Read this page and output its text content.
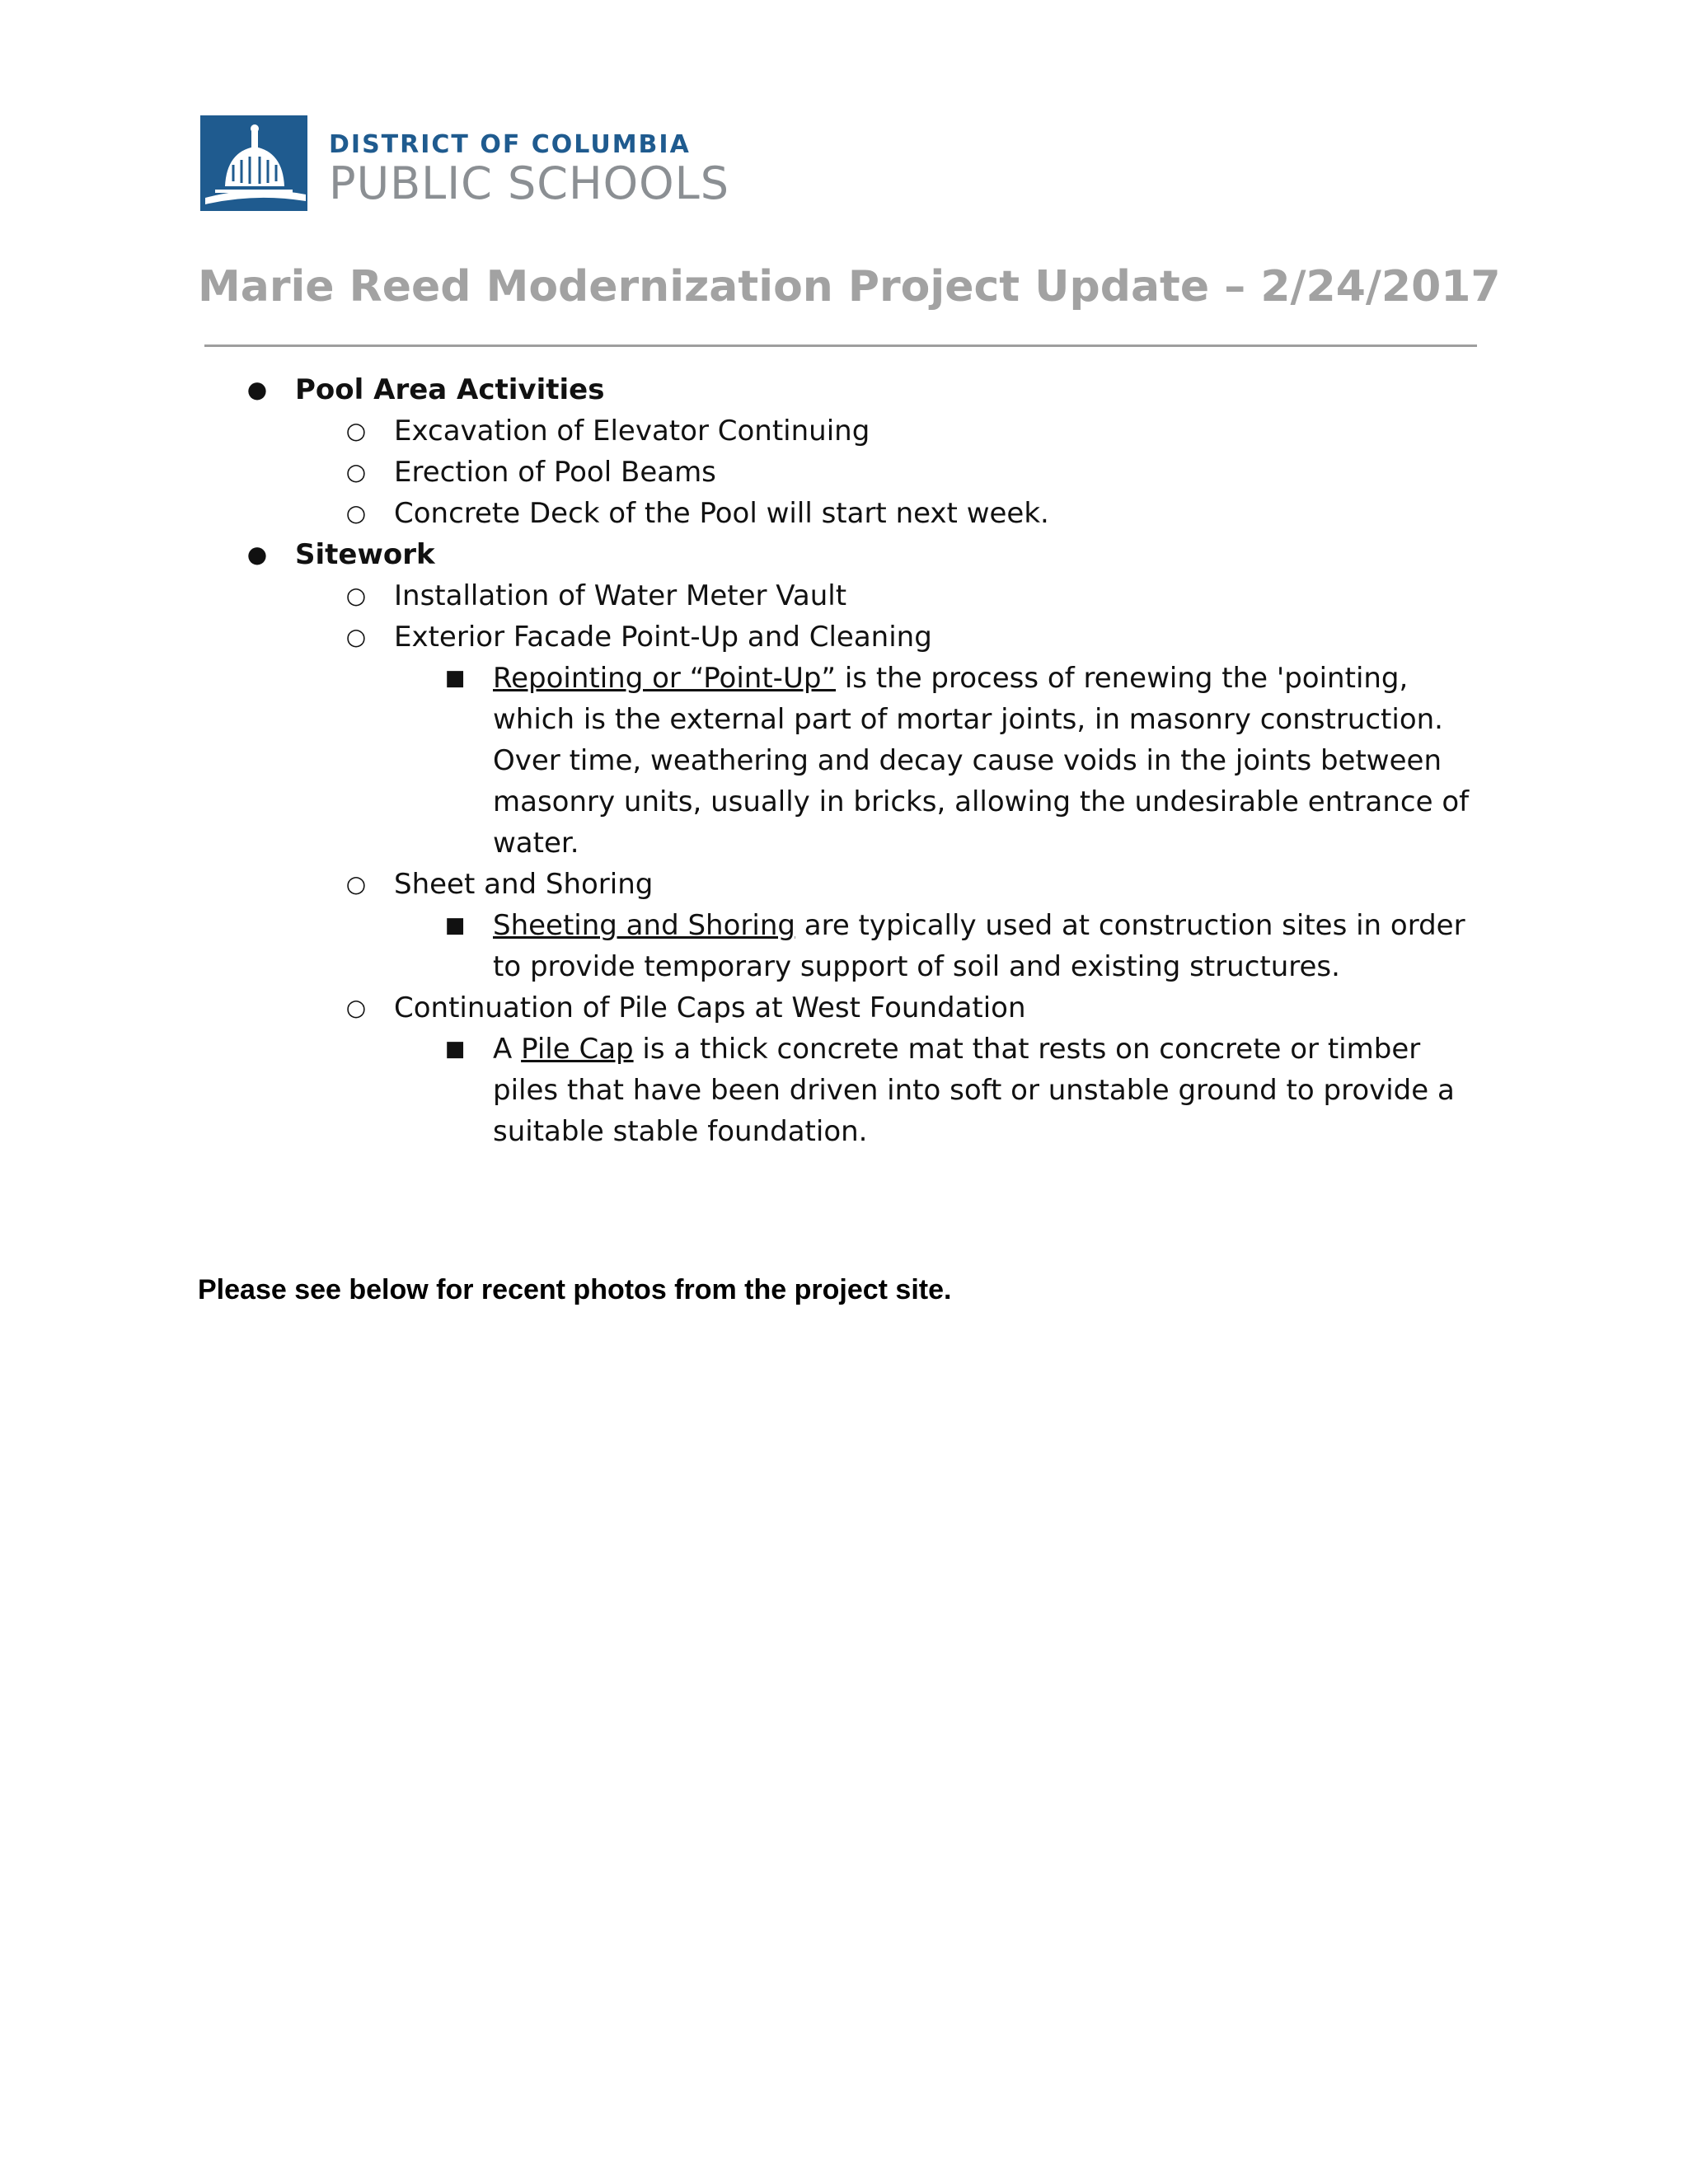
DISTRICT OF COLUMBIA
PUBLIC SCHOOLS
Marie Reed Modernization Project Update – 2/24/2017
● Pool Area Activities
○ Excavation of Elevator Continuing
○ Erection of Pool Beams
○ Concrete Deck of the Pool will start next week.
● Sitework
○ Installation of Water Meter Vault
○ Exterior Facade Point-Up and Cleaning
■ Repointing or “Point-Up” is the process of renewing the 'pointing, which is the external part of mortar joints, in masonry construction. Over time, weathering and decay cause voids in the joints between masonry units, usually in bricks, allowing the undesirable entrance of water.
○ Sheet and Shoring
■ Sheeting and Shoring are typically used at construction sites in order to provide temporary support of soil and existing structures.
○ Continuation of Pile Caps at West Foundation
■ A Pile Cap is a thick concrete mat that rests on concrete or timber piles that have been driven into soft or unstable ground to provide a suitable stable foundation.
Please see below for recent photos from the project site.
